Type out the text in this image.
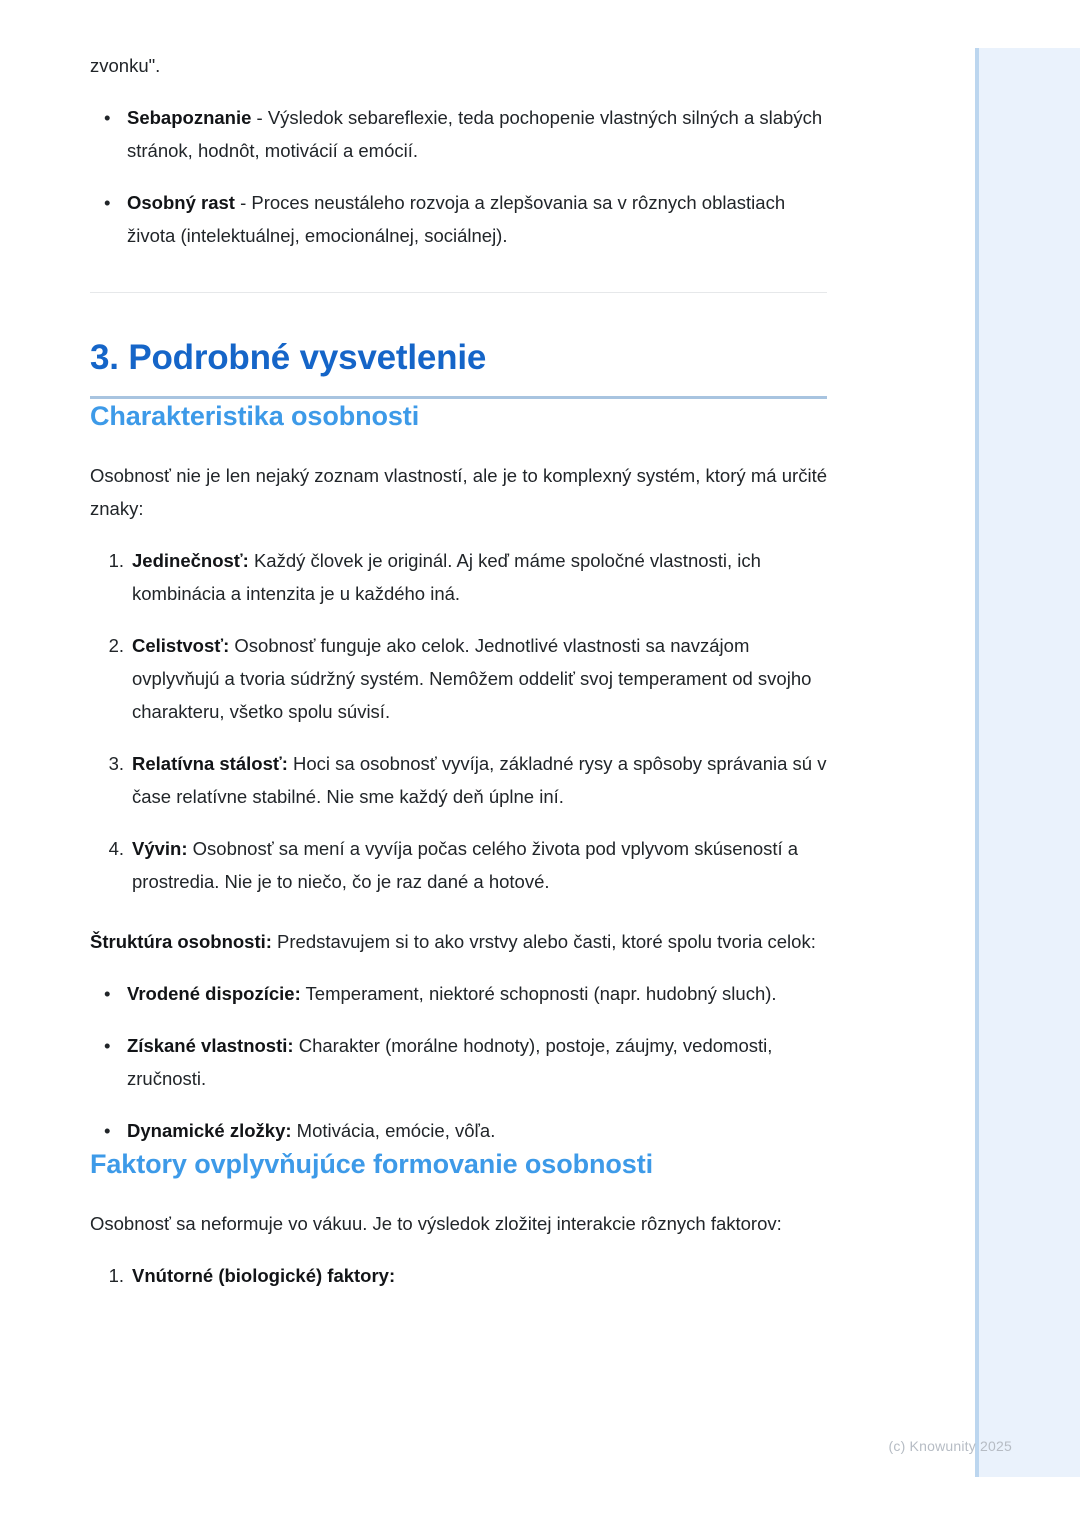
zvonku".

• Sebapoznanie - Výsledok sebareflexie, teda pochopenie vlastných silných a slabých stránok, hodnôt, motivácií a emócií.
• Osobný rast - Proces neustáleho rozvoja a zlepšovania sa v rôznych oblastiach života (intelektuálnej, emocionálnej, sociálnej).
3. Podrobné vysvetlenie
Charakteristika osobnosti

Osobnosť nie je len nejaký zoznam vlastností, ale je to komplexný systém, ktorý má určité znaky:

1. Jedinečnosť: Každý človek je originál. Aj keď máme spoločné vlastnosti, ich kombinácia a intenzita je u každého iná.
2. Celistvosť: Osobnosť funguje ako celok. Jednotlivé vlastnosti sa navzájom ovplyvňujú a tvoria súdržný systém. Nemôžem oddeliť svoj temperament od svojho charakteru, všetko spolu súvisí.
3. Relatívna stálosť: Hoci sa osobnosť vyvíja, základné rysy a spôsoby správania sú v čase relatívne stabilné. Nie sme každý deň úplne iní.
4. Vývin: Osobnosť sa mení a vyvíja počas celého života pod vplyvom skúseností a prostredia. Nie je to niečo, čo je raz dané a hotové.

Štruktúra osobnosti: Predstavujem si to ako vrstvy alebo časti, ktoré spolu tvoria celok:

• Vrodené dispozície: Temperament, niektoré schopnosti (napr. hudobný sluch).
• Získané vlastnosti: Charakter (morálne hodnoty), postoje, záujmy, vedomosti, zručnosti.
• Dynamické zložky: Motivácia, emócie, vôľa.
Faktory ovplyvňujúce formovanie osobnosti

Osobnosť sa neformuje vo vákuu. Je to výsledok zložitej interakcie rôznych faktorov:

1. Vnútorné (biologické) faktory:
(c) Knowunity 2025
